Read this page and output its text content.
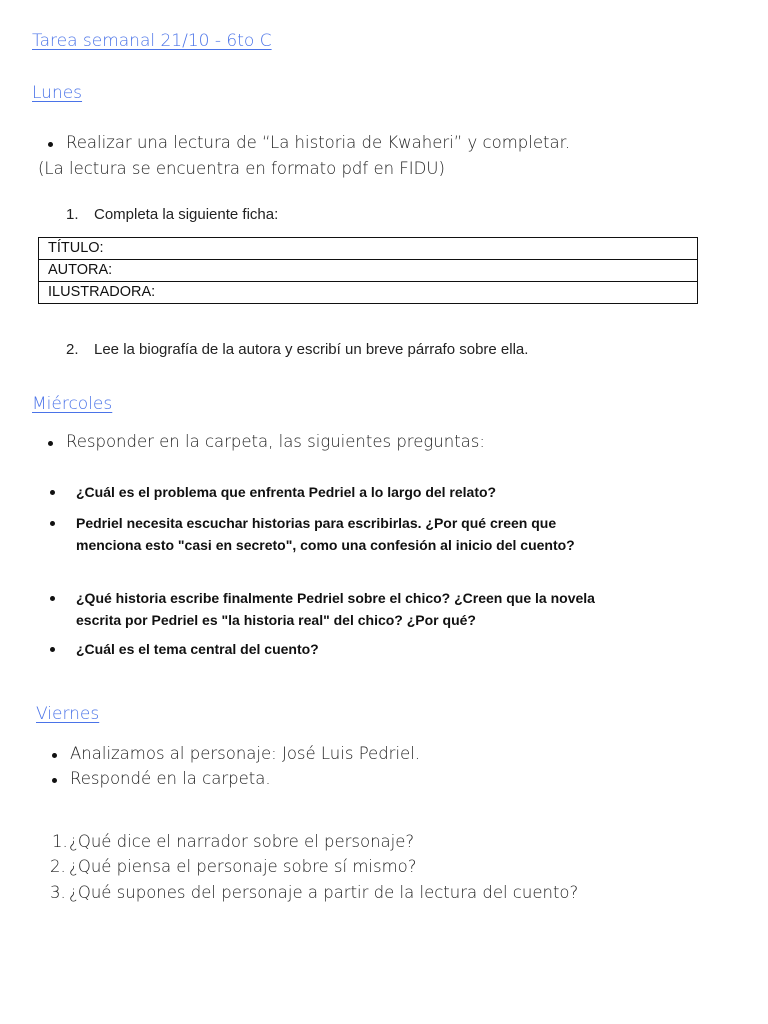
Tarea semanal 21/10 - 6to C
Lunes
Realizar una lectura de “La historia de Kwaheri” y completar.
(La lectura se encuentra en formato pdf en FIDU)
1. Completa la siguiente ficha:
TÍTULO:
AUTORA:
ILUSTRADORA:
2. Lee la biografía de la autora y escribí un breve párrafo sobre ella.
Miércoles
Responder en la carpeta, las siguientes preguntas:
¿Cuál es el problema que enfrenta Pedriel a lo largo del relato?
Pedriel necesita escuchar historias para escribirlas. ¿Por qué creen que menciona esto "casi en secreto", como una confesión al inicio del cuento?
¿Qué historia escribe finalmente Pedriel sobre el chico? ¿Creen que la novela escrita por Pedriel es "la historia real" del chico? ¿Por qué?
¿Cuál es el tema central del cuento?
Viernes
Analizamos al personaje: José Luis Pedriel.
Respondé en la carpeta.
1. ¿Qué dice el narrador sobre el personaje?
2. ¿Qué piensa el personaje sobre sí mismo?
3. ¿Qué supones del personaje a partir de la lectura del cuento?
